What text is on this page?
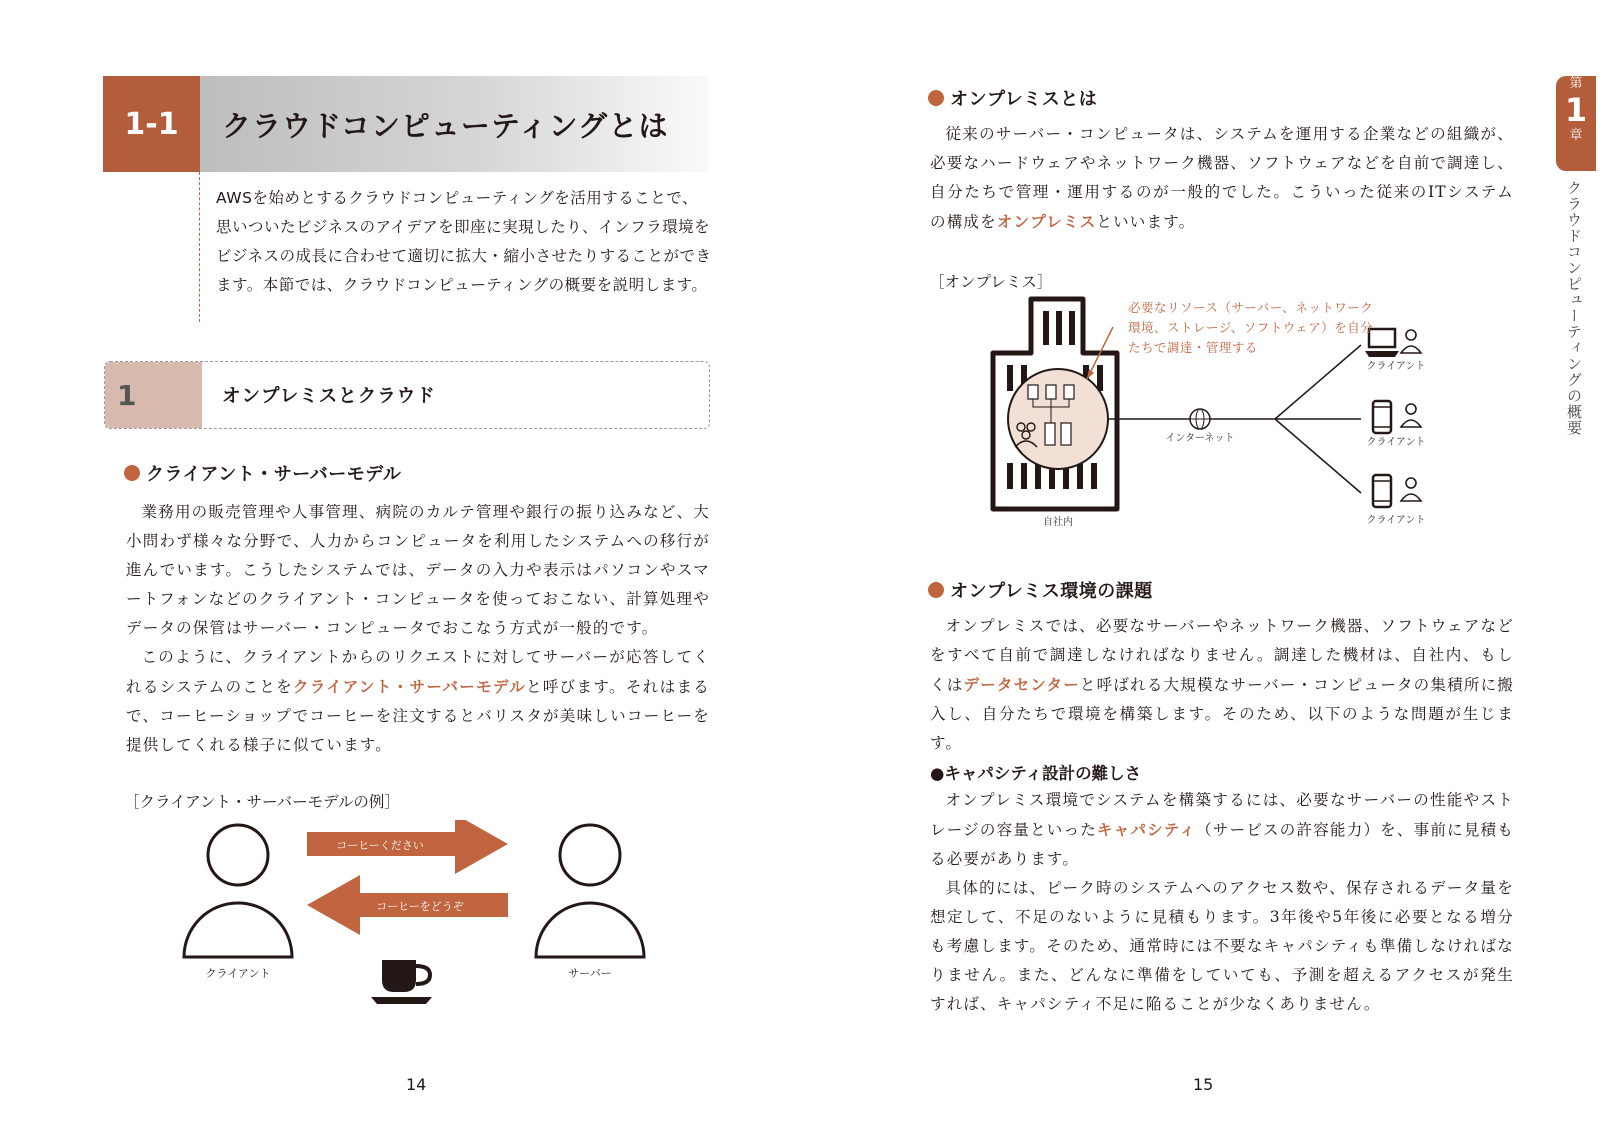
1-1	クラウドコンピューティングとは
AWSを始めとするクラウドコンピューティングを活用することで、思いついたビジネスのアイデアを即座に実現したり、インフラ環境をビジネスの成長に合わせて適切に拡大・縮小させたりすることができます。本節では、クラウドコンピューティングの概要を説明します。
1	オンプレミスとクラウド
クライアント・サーバーモデル

業務用の販売管理や人事管理、病院のカルテ管理や銀行の振り込みなど、大小問わず様々な分野で、人力からコンピュータを利用したシステムへの移行が進んでいます。こうしたシステムでは、データの入力や表示はパソコンやスマートフォンなどのクライアント・コンピュータを使っておこない、計算処理やデータの保管はサーバー・コンピュータでおこなう方式が一般的です。

このように、クライアントからのリクエストに対してサーバーが応答してくれるシステムのことをクライアント・サーバーモデルと呼びます。それはまるで、コーヒーショップでコーヒーを注文するとバリスタが美味しいコーヒーを提供してくれる様子に似ています。

［クライアント・サーバーモデルの例］
コーヒーください
コーヒーをどうぞ
クライアント	サーバー
14
オンプレミスとは

従来のサーバー・コンピュータは、システムを運用する企業などの組織が、必要なハードウェアやネットワーク機器、ソフトウェアなどを自前で調達し、自分たちで管理・運用するのが一般的でした。こういった従来のITシステムの構成をオンプレミスといいます。

［オンプレミス］
インターネット
自社内
クライアント
クライアント
クライアント
必要なリソース（サーバー、ネットワーク環境、ストレージ、ソフトウェア）を自分たちで調達・管理する
オンプレミス環境の課題

オンプレミスでは、必要なサーバーやネットワーク機器、ソフトウェアなどをすべて自前で調達しなければなりません。調達した機材は、自社内、もしくはデータセンターと呼ばれる大規模なサーバー・コンピュータの集積所に搬入し、自分たちで環境を構築します。そのため、以下のような問題が生じます。

●キャパシティ設計の難しさ

オンプレミス環境でシステムを構築するには、必要なサーバーの性能やストレージの容量といったキャパシティ（サービスの許容能力）を、事前に見積もる必要があります。

具体的には、ピーク時のシステムへのアクセス数や、保存されるデータ量を想定して、不足のないように見積もります。3年後や5年後に必要となる増分も考慮します。そのため、通常時には不要なキャパシティも準備しなければなりません。また、どんなに準備をしていても、予測を超えるアクセスが発生すれば、キャパシティ不足に陥ることが少なくありません。

15
第
1
章
クラウドコンピューティングの概要
